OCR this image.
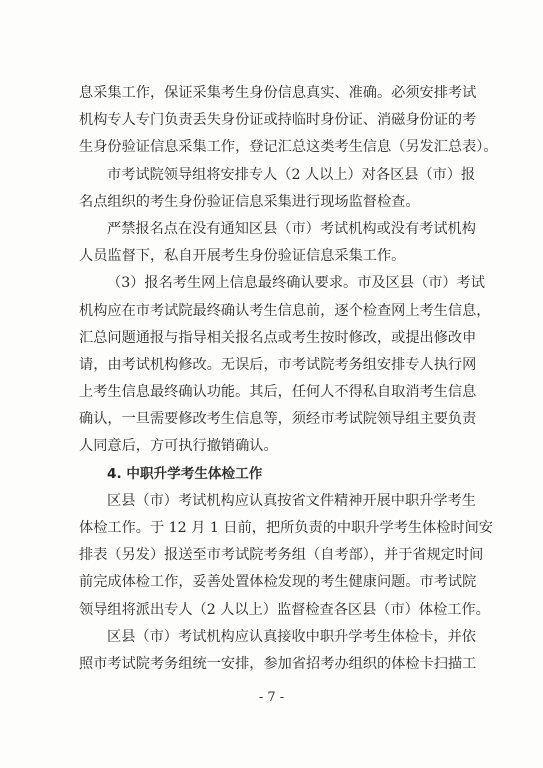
息采集工作，保证采集考生身份信息真实、准确。必须安排考试
机构专人专门负责丢失身份证或持临时身份证、消磁身份证的考
生身份验证信息采集工作，登记汇总这类考生信息（另发汇总表）。
市考试院领导组将安排专人（2 人以上）对各区县（市）报
名点组织的考生身份验证信息采集进行现场监督检查。
严禁报名点在没有通知区县（市）考试机构或没有考试机构
人员监督下，私自开展考生身份验证信息采集工作。
（3）报名考生网上信息最终确认要求。市及区县（市）考试
机构应在市考试院最终确认考生信息前，逐个检查网上考生信息，
汇总问题通报与指导相关报名点或考生按时修改，或提出修改申
请，由考试机构修改。无误后，市考试院考务组安排专人执行网
上考生信息最终确认功能。其后，任何人不得私自取消考生信息
确认，一旦需要修改考生信息等，须经市考试院领导组主要负责
人同意后，方可执行撤销确认。
4. 中职升学考生体检工作
区县（市）考试机构应认真按省文件精神开展中职升学考生
体检工作。于 12 月 1 日前，把所负责的中职升学考生体检时间安
排表（另发）报送至市考试院考务组（自考部），并于省规定时间
前完成体检工作，妥善处置体检发现的考生健康问题。市考试院
领导组将派出专人（2 人以上）监督检查各区县（市）体检工作。
区县（市）考试机构应认真接收中职升学考生体检卡，并依
照市考试院考务组统一安排，参加省招考办组织的体检卡扫描工
- 7 -
